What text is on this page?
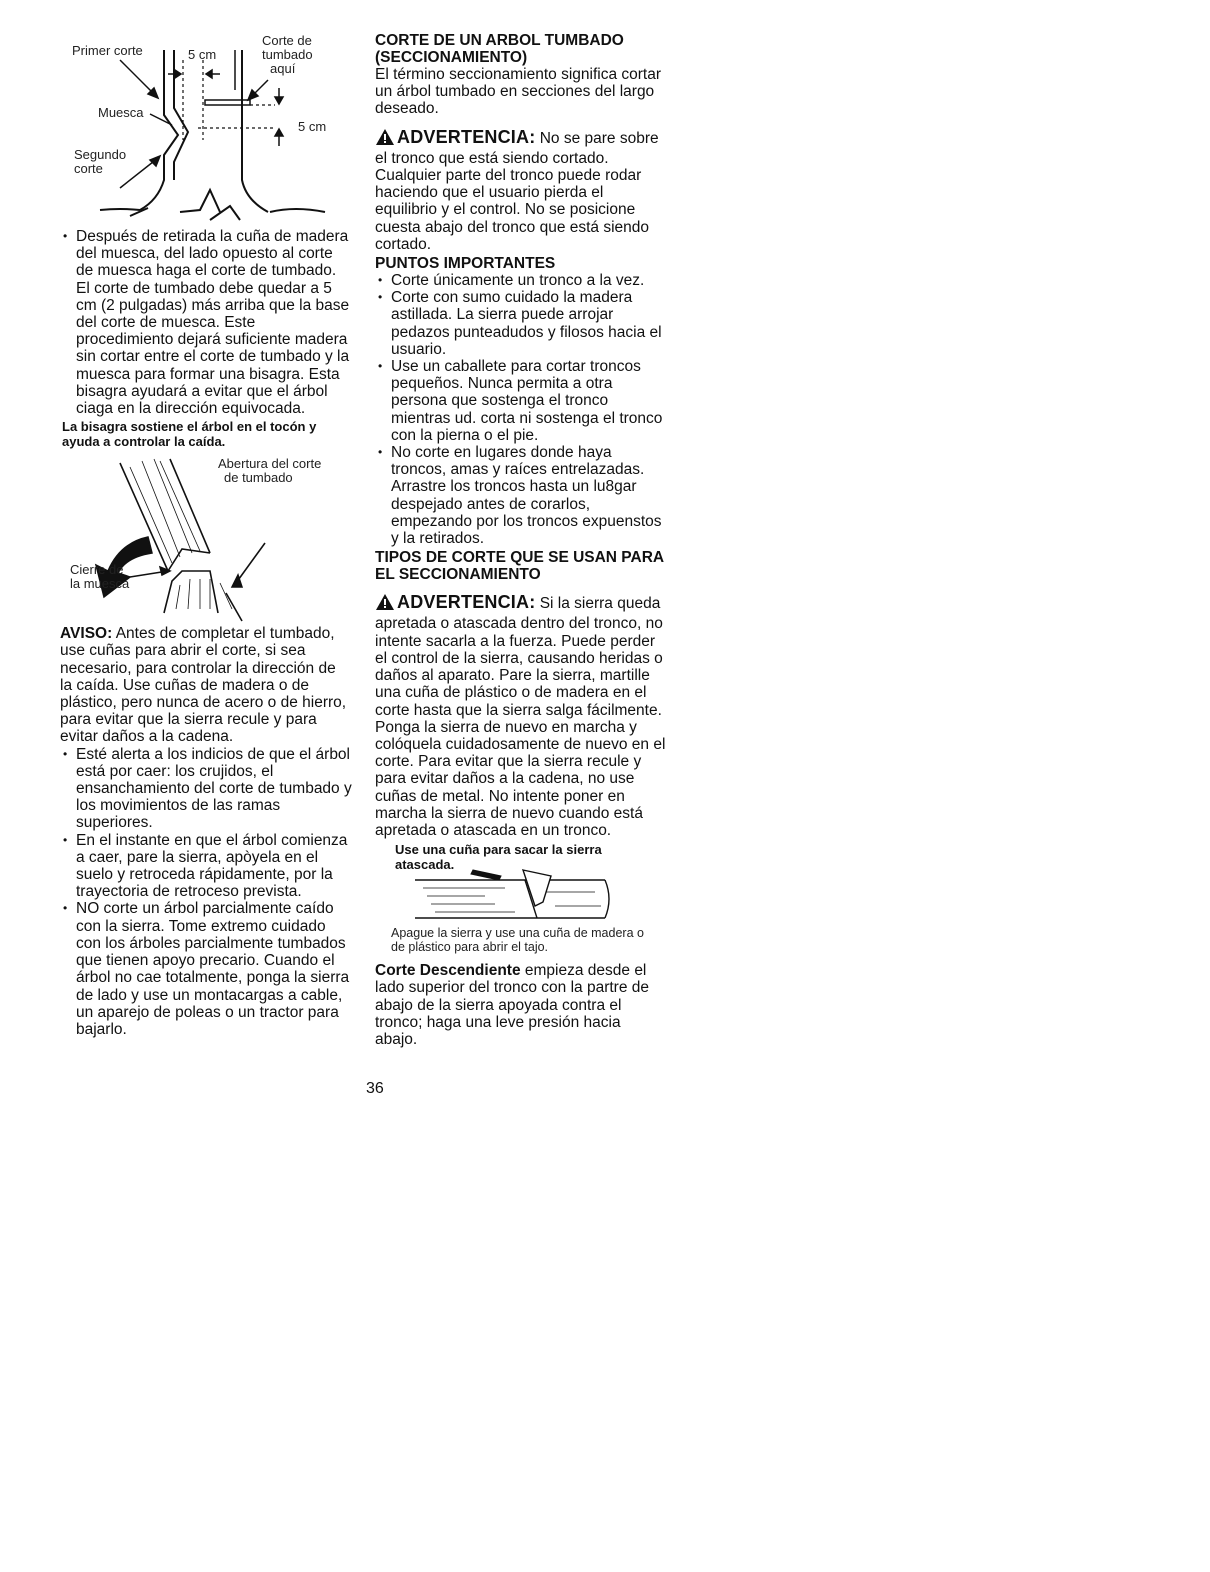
Primer corte	5 cm
Corte de
tumbado
aquí
Muesca
5 cm
Segundo
corte
• Después de retirada la cuña de madera del muesca, del lado opuesto al corte de muesca haga el corte de tumbado. El corte de tumbado debe quedar a 5 cm (2 pulgadas) más arriba que la base del corte de muesca. Este procedimiento dejará suficiente madera sin cortar entre el corte de tumbado y la muesca para formar una bisagra. Esta bisagra ayudará a evitar que el árbol ciaga en la dirección equivocada.

La bisagra sostiene el árbol en el tocón y ayuda a controlar la caída.

Abertura del corte
de tumbado
Cierre de
la muesca

AVISO: Antes de completar el tumbado, use cuñas para abrir el corte, si sea necesario, para controlar la dirección de la caída. Use cuñas de madera o de plástico, pero nunca de acero o de hierro, para evitar que la sierra recule y para evitar daños a la cadena.

• Esté alerta a los indicios de que el árbol está por caer: los crujidos, el ensanchamiento del corte de tumbado y los movimientos de las ramas superiores.
• En el instante en que el árbol comienza a caer, pare la sierra, apòyela en el suelo y retroceda rápidamente, por la trayectoria de retroceso prevista.
• NO corte un árbol parcialmente caído con la sierra. Tome extremo cuidado con los árboles parcialmente tumbados que tienen apoyo precario. Cuando el árbol no cae totalmente, ponga la sierra de lado y use un montacargas a cable, un aparejo de poleas o un tractor para bajarlo.

CORTE DE UN ARBOL TUMBADO (SECCIONAMIENTO)

El término seccionamiento significa cortar un árbol tumbado en secciones del largo deseado.

ADVERTENCIA: No se pare sobre el tronco que está siendo cortado. Cualquier parte del tronco puede rodar haciendo que el usuario pierda el equilibrio y el control. No se posicione cuesta abajo del tronco que está siendo cortado.

PUNTOS IMPORTANTES

• Corte únicamente un tronco a la vez.
• Corte con sumo cuidado la madera astillada. La sierra puede arrojar pedazos punteadudos y filosos hacia el usuario.
• Use un caballete para cortar troncos pequeños. Nunca permita a otra persona que sostenga el tronco mientras ud. corta ni sostenga el tronco con la pierna o el pie.
• No corte en lugares donde haya troncos, amas y raíces entrelazadas. Arrastre los troncos hasta un lu8gar despejado antes de corarlos, empezando por los troncos expuenstos y la retirados.

TIPOS DE CORTE QUE SE USAN PARA EL SECCIONAMIENTO

ADVERTENCIA: Si la sierra queda apretada o atascada dentro del tronco, no intente sacarla a la fuerza. Puede perder el control de la sierra, causando heridas o daños al aparato. Pare la sierra, martille una cuña de plástico o de madera en el corte hasta que la sierra salga fácilmente. Ponga la sierra de nuevo en marcha y colóquela cuidadosamente de nuevo en el corte. Para evitar que la sierra recule y para evitar daños a la cadena, no use cuñas de metal. No intente poner en marcha la sierra de nuevo cuando está apretada o atascada en un tronco.

Use una cuña para sacar la sierra atascada.

Apague la sierra y use una cuña de madera o de plástico para abrir el tajo.

Corte Descendiente empieza desde el lado superior del tronco con la partre de abajo de la sierra apoyada contra el tronco; haga una leve presión hacia abajo.

36
